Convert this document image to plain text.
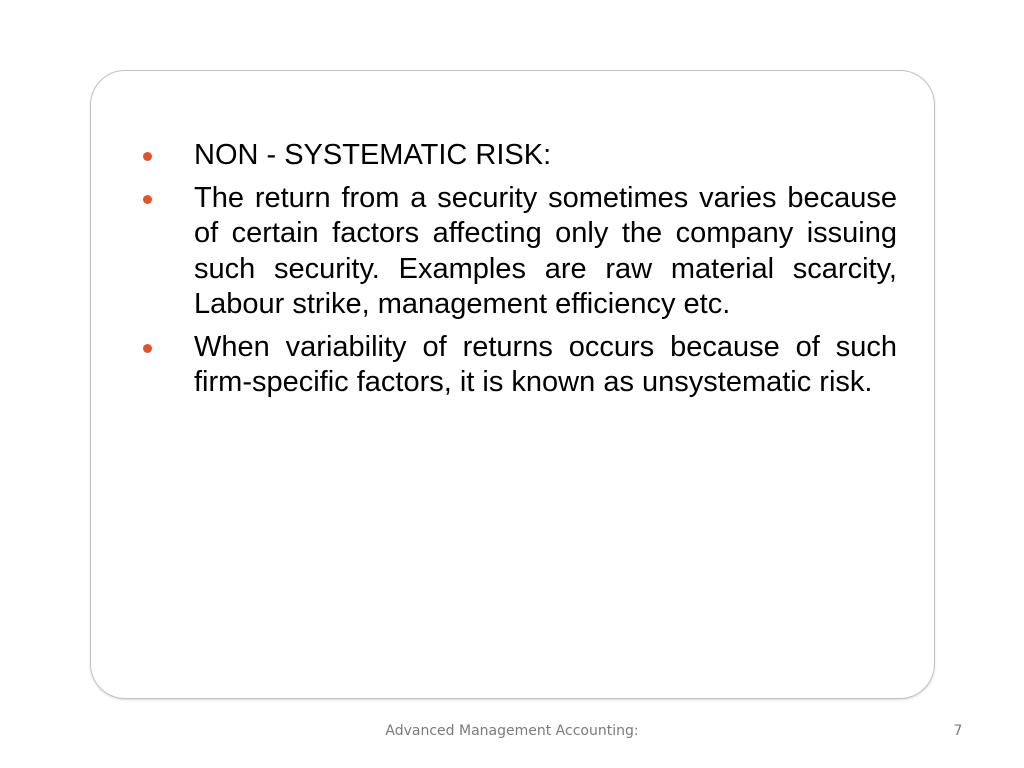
NON - SYSTEMATIC RISK:
The return from a security sometimes varies because of certain factors affecting only the company issuing such security. Examples are raw material scarcity, Labour strike, management efficiency etc.
When variability of returns occurs because of such firm-specific factors, it is known as unsystematic risk.
Advanced Management Accounting:	7
